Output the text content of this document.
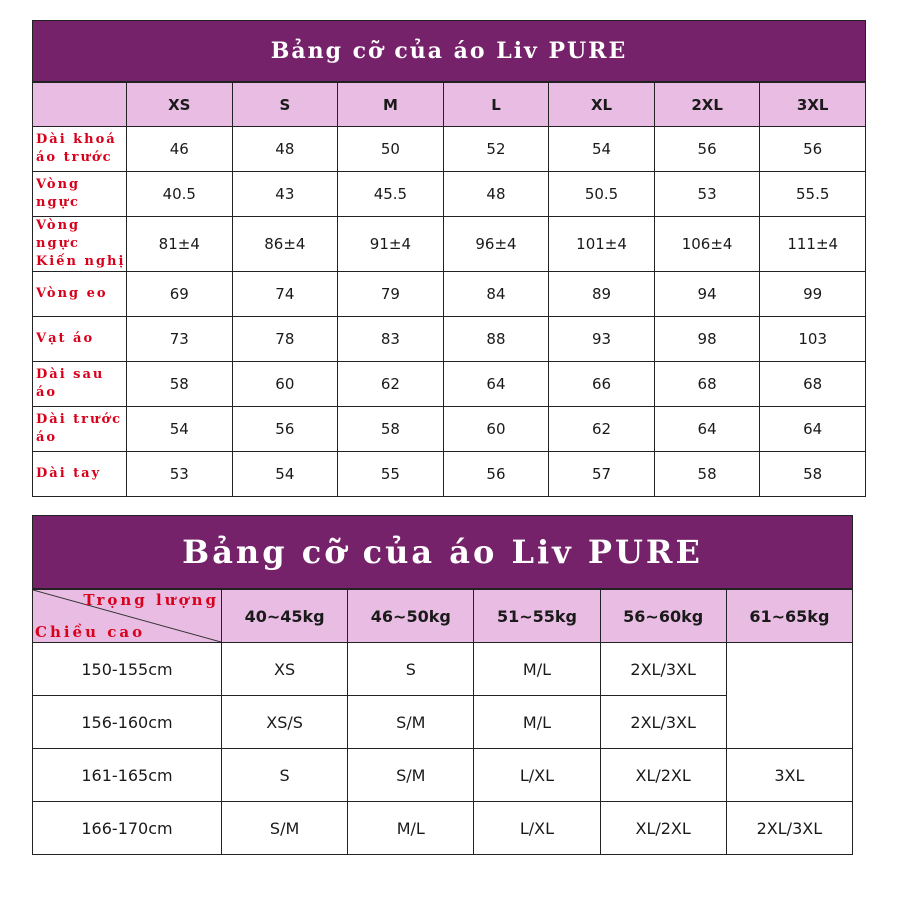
Bảng cỡ của áo Liv PURE
	XS	S	M	L	XL	2XL	3XL

Dài khoá
áo trước	46	48	50	52	54	56	56

Vòng
ngực	40.5	43	45.5	48	50.5	53	55.5

Vòng ngực
Kiến nghị	81±4	86±4	91±4	96±4	101±4	106±4	111±4

Vòng eo	69	74	79	84	89	94	99

Vạt áo	73	78	83	88	93	98	103

Dài sau
áo	58	60	62	64	66	68	68

Dài trước
áo	54	56	58	60	62	64	64

Dài tay	53	54	55	56	57	58	58
Bảng cỡ của áo Liv PURE
Trọng lượng
Chiều cao	40~45kg	46~50kg	51~55kg	56~60kg	61~65kg
150-155cm	XS	S	M/L	2XL/3XL	
156-160cm	XS/S	S/M	M/L	2XL/3XL	
161-165cm	S	S/M	L/XL	XL/2XL	3XL
166-170cm	S/M	M/L	L/XL	XL/2XL	2XL/3XL
